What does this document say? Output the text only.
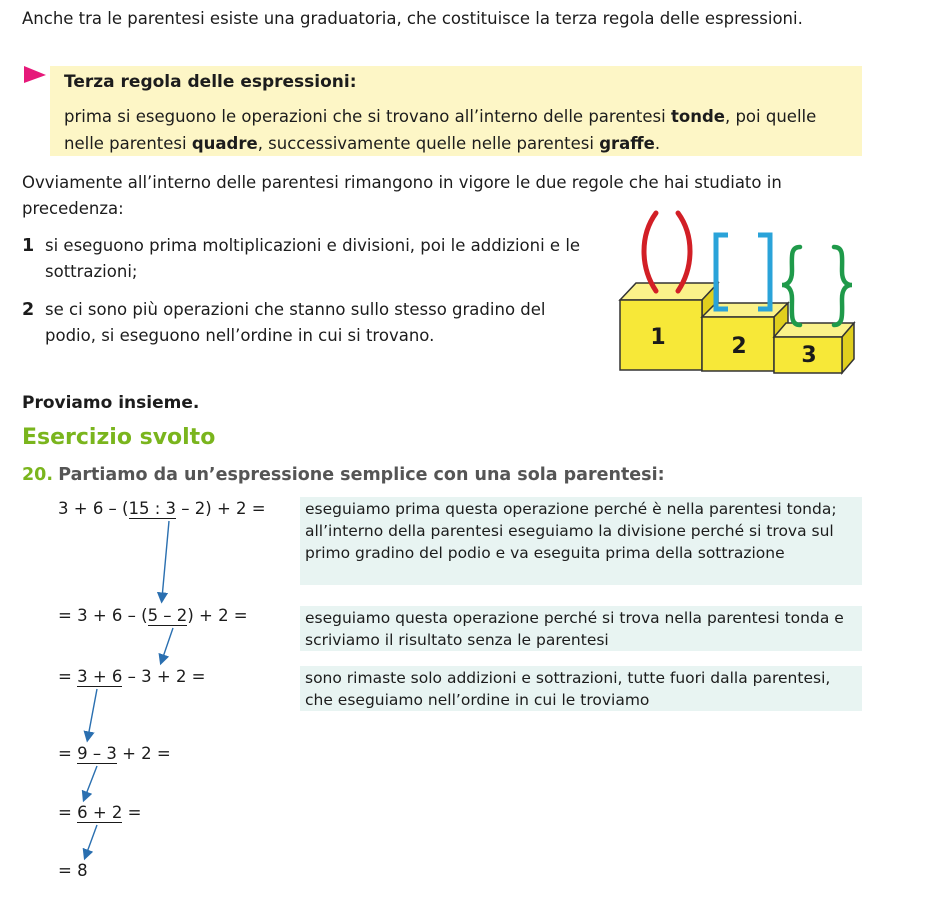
Anche tra le parentesi esiste una graduatoria, che costituisce la terza regola delle espressioni.
Terza regola delle espressioni:
prima si eseguono le operazioni che si trovano all’interno delle parentesi tonde, poi quelle nelle parentesi quadre, successivamente quelle nelle parentesi graffe.
Ovviamente all’interno delle parentesi rimangono in vigore le due regole che hai studiato in precedenza:
1 si eseguono prima moltiplicazioni e divisioni, poi le addizioni e le sottrazioni;
2 se ci sono più operazioni che stanno sullo stesso gradino del podio, si eseguono nell’ordine in cui si trovano.	1	2 3
Proviamo insieme.
Esercizio svolto
20. Partiamo da un’espressione semplice con una sola parentesi:
3 + 6 – (15 : 3 – 2) + 2 =
= 3 + 6 – (5 – 2) + 2 =
= 3 + 6 – 3 + 2 =
= 9 – 3 + 2 =
= 6 + 2 =
= 8
eseguiamo prima questa operazione perché è nella parentesi tonda; all’interno della parentesi eseguiamo la divisione perché si trova sul primo gradino del podio e va eseguita prima della sottrazione
eseguiamo questa operazione perché si trova nella parentesi tonda e scriviamo il risultato senza le parentesi
sono rimaste solo addizioni e sottrazioni, tutte fuori dalla parentesi, che eseguiamo nell’ordine in cui le troviamo
